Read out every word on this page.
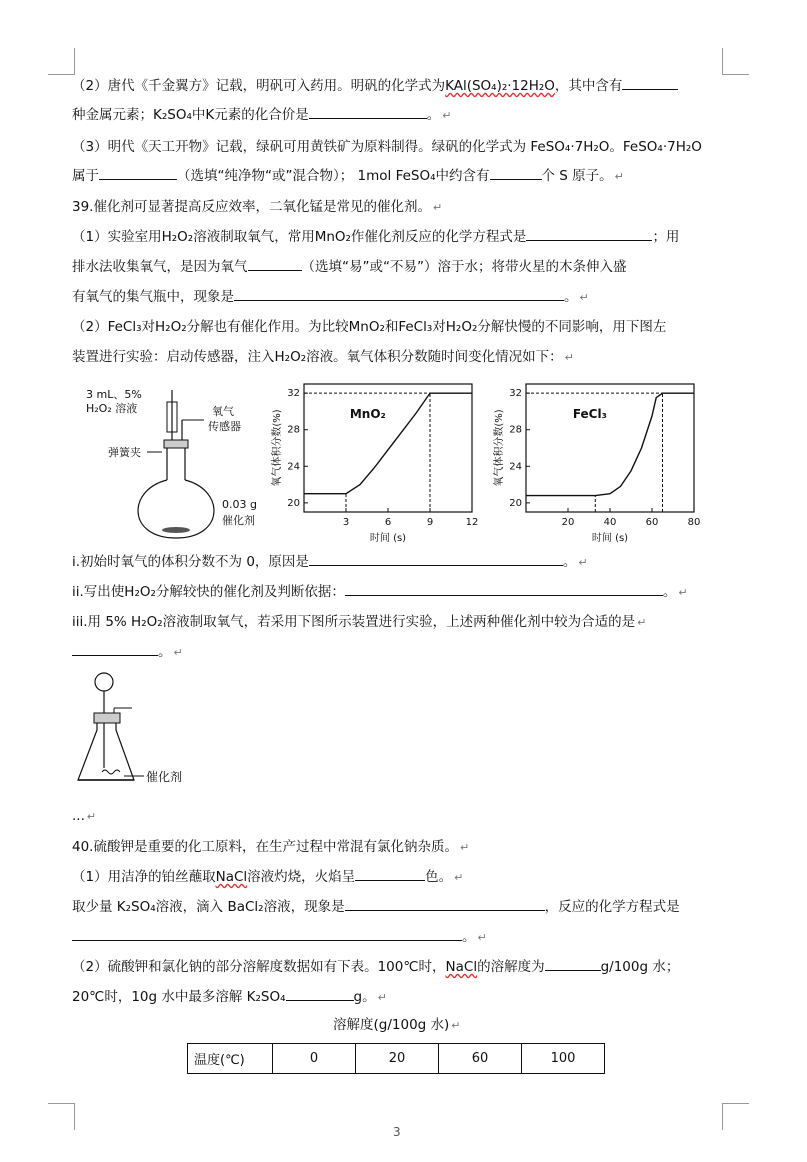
（2）唐代《千金翼方》记载，明矾可入药用。明矾的化学式为KAl(SO₄)₂·12H₂O，其中含有
种金属元素；K₂SO₄中K元素的化合价是	。 ↵
（3）明代《天工开物》记载，绿矾可用黄铁矿为原料制得。绿矾的化学式为 FeSO₄·7H₂O。FeSO₄·7H₂O
属于	（选填“纯净物“或”混合物）； 1mol FeSO₄中约含有	个 S 原子。 ↵
39.催化剂可显著提高反应效率，二氧化锰是常见的催化剂。 ↵
（1）实验室用H₂O₂溶液制取氧气，常用MnO₂作催化剂反应的化学方程式是	；用
排水法收集氧气，是因为氧气	（选填“易”或“不易”）溶于水；将带火星的木条伸入盛
有氧气的集气瓶中，现象是	。 ↵
（2）FeCl₃对H₂O₂分解也有催化作用。为比较MnO₂和FeCl₃对H₂O₂分解快慢的不同影响，用下图左
装置进行实验：启动传感器，注入H₂O₂溶液。氧气体积分数随时间变化情况如下： ↵
3 mL、5%
H₂O₂ 溶液	氧气
传感器
弹簧夹
0.03 g
催化剂
20
24
28
32
3	6	9	12
MnO₂
氧气体积分数(%)
时间 (s)
20
24
28
32
20	40	60	80
FeCl₃
氧气体积分数(%)
时间 (s)
i.初始时氧气的体积分数不为 0，原因是	。 ↵
ii.写出使H₂O₂分解较快的催化剂及判断依据：	。 ↵
iii.用 5% H₂O₂溶液制取氧气，若采用下图所示装置进行实验，上述两种催化剂中较为合适的是 ↵
。 ↵
催化剂
... ↵
40.硫酸钾是重要的化工原料，在生产过程中常混有氯化钠杂质。 ↵
（1）用洁净的铂丝蘸取NaCl溶液灼烧，火焰呈	色。 ↵
取少量 K₂SO₄溶液，滴入 BaCl₂溶液，现象是	，反应的化学方程式是
。 ↵
（2）硫酸钾和氯化钠的部分溶解度数据如有下表。100℃时，NaCl的溶解度为	g/100g 水；
20℃时，10g 水中最多溶解 K₂SO₄	g。 ↵
溶解度(g/100g 水) ↵
温度(℃)	0	20	60	100
3
